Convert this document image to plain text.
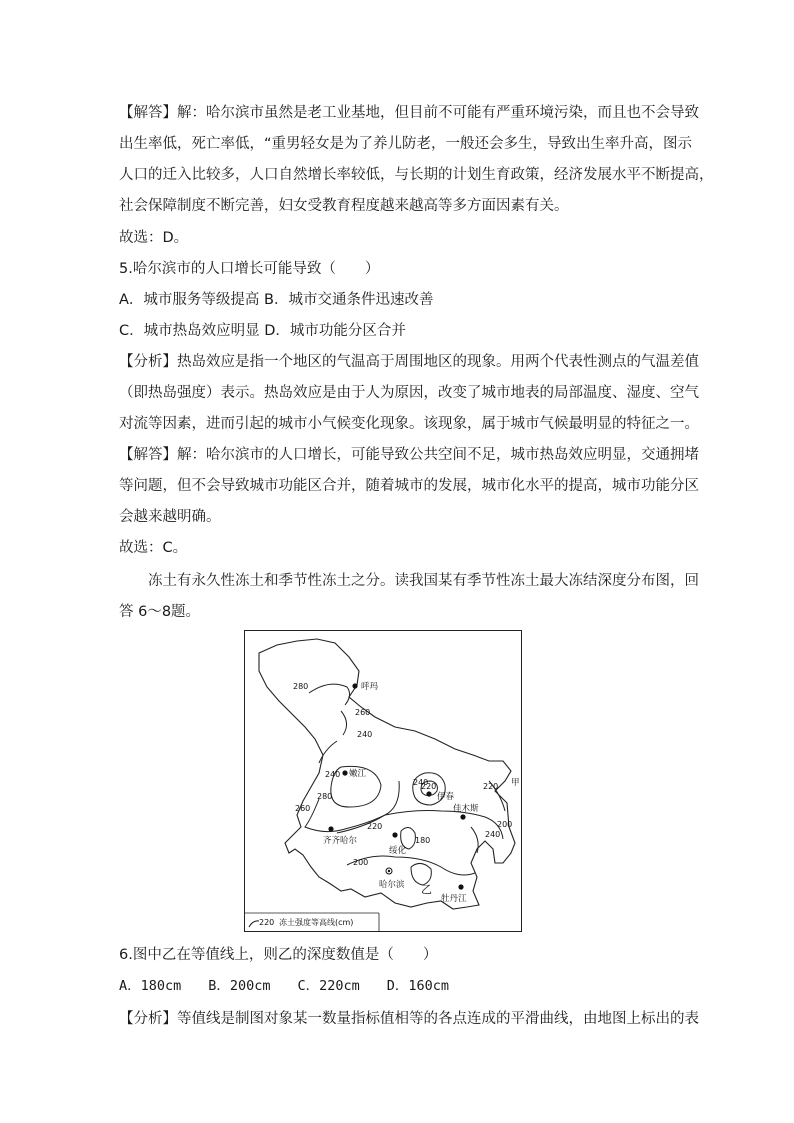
【解答】解：哈尔滨市虽然是老工业基地，但目前不可能有严重环境污染，而且也不会导致
出生率低，死亡率低，“重男轻女是为了养儿防老，一般还会多生，导致出生率升高，图示
人口的迁入比较多，人口自然增长率较低，与长期的计划生育政策，经济发展水平不断提高，
社会保障制度不断完善，妇女受教育程度越来越高等多方面因素有关。
故选：D。
5.哈尔滨市的人口增长可能导致（　　）
A．城市服务等级提高 B．城市交通条件迅速改善
C．城市热岛效应明显 D．城市功能分区合并
【分析】热岛效应是指一个地区的气温高于周围地区的现象。用两个代表性测点的气温差值
（即热岛强度）表示。热岛效应是由于人为原因，改变了城市地表的局部温度、湿度、空气
对流等因素，进而引起的城市小气候变化现象。该现象，属于城市气候最明显的特征之一。
【解答】解：哈尔滨市的人口增长，可能导致公共空间不足，城市热岛效应明显，交通拥堵
等问题，但不会导致城市功能区合并，随着城市的发展，城市化水平的提高，城市功能分区
会越来越明确。
故选：C。
冻土有永久性冻土和季节性冻土之分。读我国某有季节性冻土最大冻结深度分布图，回
答 6～8题。
280
260
240
240
280
260
240
220	220
200
220
180
200
240
呼玛
嫩江
伊春
佳木斯
齐齐哈尔
绥化
哈尔滨
牡丹江
甲
乙
220 冻土强度等高线(cm)
6.图中乙在等值线上，则乙的深度数值是（　　）
A．180cm　　B．200cm　　C．220cm　　D．160cm
【分析】等值线是制图对象某一数量指标值相等的各点连成的平滑曲线，由地图上标出的表
